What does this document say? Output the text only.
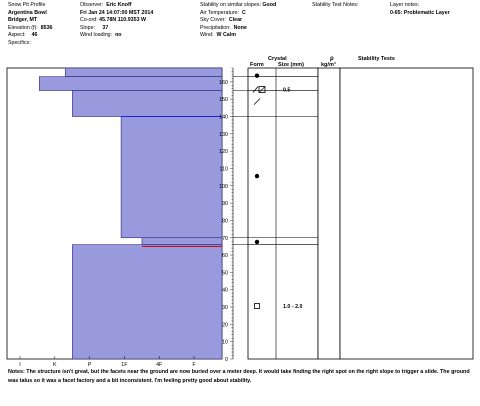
Snow Pit Profile
Argentina Bowl
Bridger, MT
Elevation (f): 8536
Aspect: 46
Specifics:
Observer: Eric Knoff
Fri Jan 24 14:07:00 MST 2014
Co-ord: 45.78N 110.9353 W
Slope: 37
Wind loading: no
Stability on similar slopes: Good
Air Temperature: C
Sky Cover: Clear
Precipitation: None
Wind: W Calm
Stability Test Notes:	Layer notes:
0-65: Problematic Layer
0
10
20
30
40
50
60
70
80
90
100
110
120
130
140
150
160
I	K	P	1F	4F	F
0.5
1.0 - 2.0
Crystal
Form	Size (mm)
ρ
kg/m³
Stability Tests
Notes: The structure isn't great, but the facets near the ground are now buried over a meter deep. It would take finding the right spot on the right slope to trigger a slide. The ground was talus so it was a facet factory and a bit inconsistent. I'm feeling pretty good about stability.
